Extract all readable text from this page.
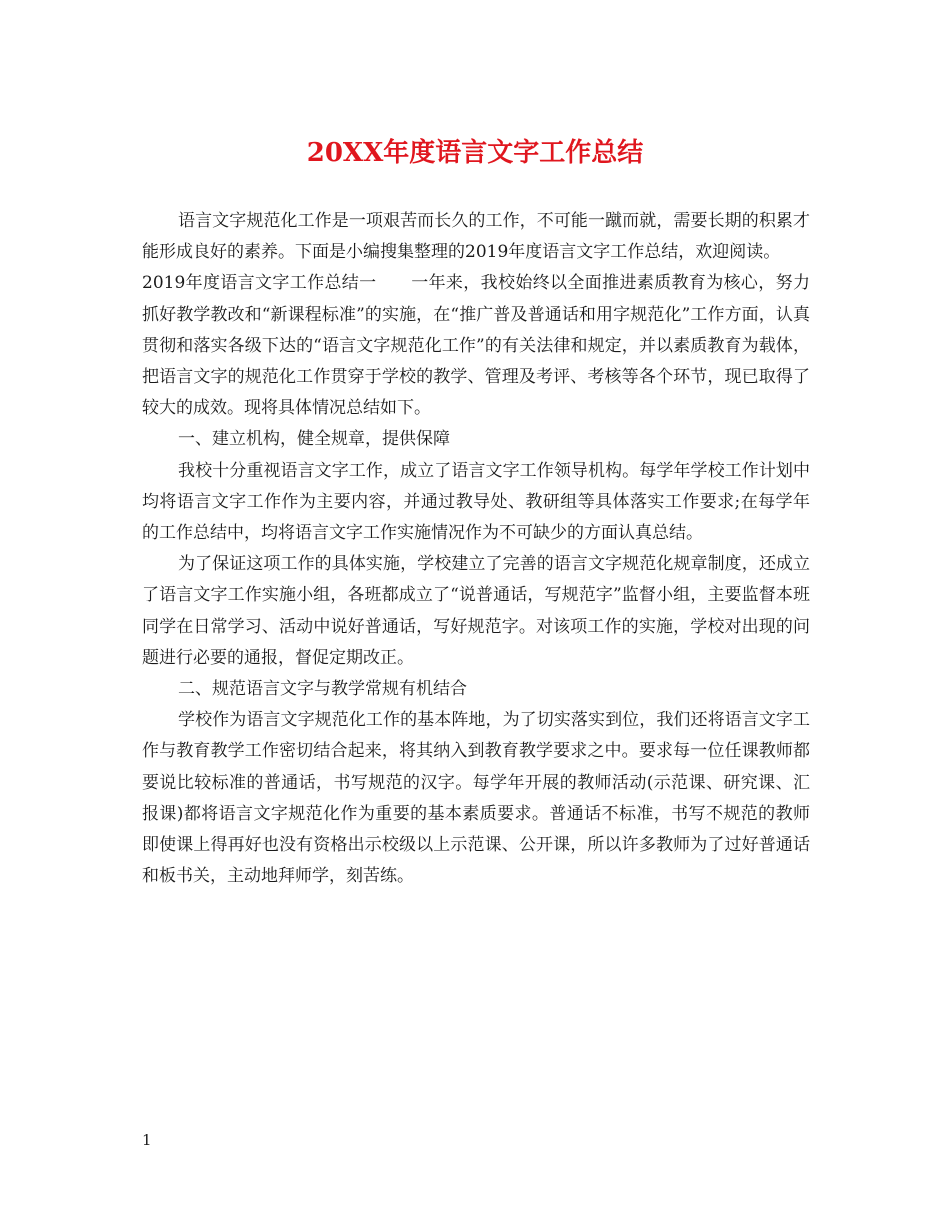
20XX年度语言文字工作总结

语言文字规范化工作是一项艰苦而长久的工作，不可能一蹴而就，需要长期的积累才能形成良好的素养。下面是小编搜集整理的2019年度语言文字工作总结，欢迎阅读。

2019年度语言文字工作总结一　　一年来，我校始终以全面推进素质教育为核心，努力抓好教学教改和“新课程标准”的实施，在“推广普及普通话和用字规范化”工作方面，认真贯彻和落实各级下达的“语言文字规范化工作”的有关法律和规定，并以素质教育为载体，把语言文字的规范化工作贯穿于学校的教学、管理及考评、考核等各个环节，现已取得了较大的成效。现将具体情况总结如下。

一、建立机构，健全规章，提供保障

我校十分重视语言文字工作，成立了语言文字工作领导机构。每学年学校工作计划中均将语言文字工作作为主要内容，并通过教导处、教研组等具体落实工作要求;在每学年的工作总结中，均将语言文字工作实施情况作为不可缺少的方面认真总结。

为了保证这项工作的具体实施，学校建立了完善的语言文字规范化规章制度，还成立了语言文字工作实施小组，各班都成立了“说普通话，写规范字”监督小组，主要监督本班同学在日常学习、活动中说好普通话，写好规范字。对该项工作的实施，学校对出现的问题进行必要的通报，督促定期改正。

二、规范语言文字与教学常规有机结合

学校作为语言文字规范化工作的基本阵地，为了切实落实到位，我们还将语言文字工作与教育教学工作密切结合起来，将其纳入到教育教学要求之中。要求每一位任课教师都要说比较标准的普通话，书写规范的汉字。每学年开展的教师活动(示范课、研究课、汇报课)都将语言文字规范化作为重要的基本素质要求。普通话不标准，书写不规范的教师即使课上得再好也没有资格出示校级以上示范课、公开课，所以许多教师为了过好普通话和板书关，主动地拜师学，刻苦练。

1
